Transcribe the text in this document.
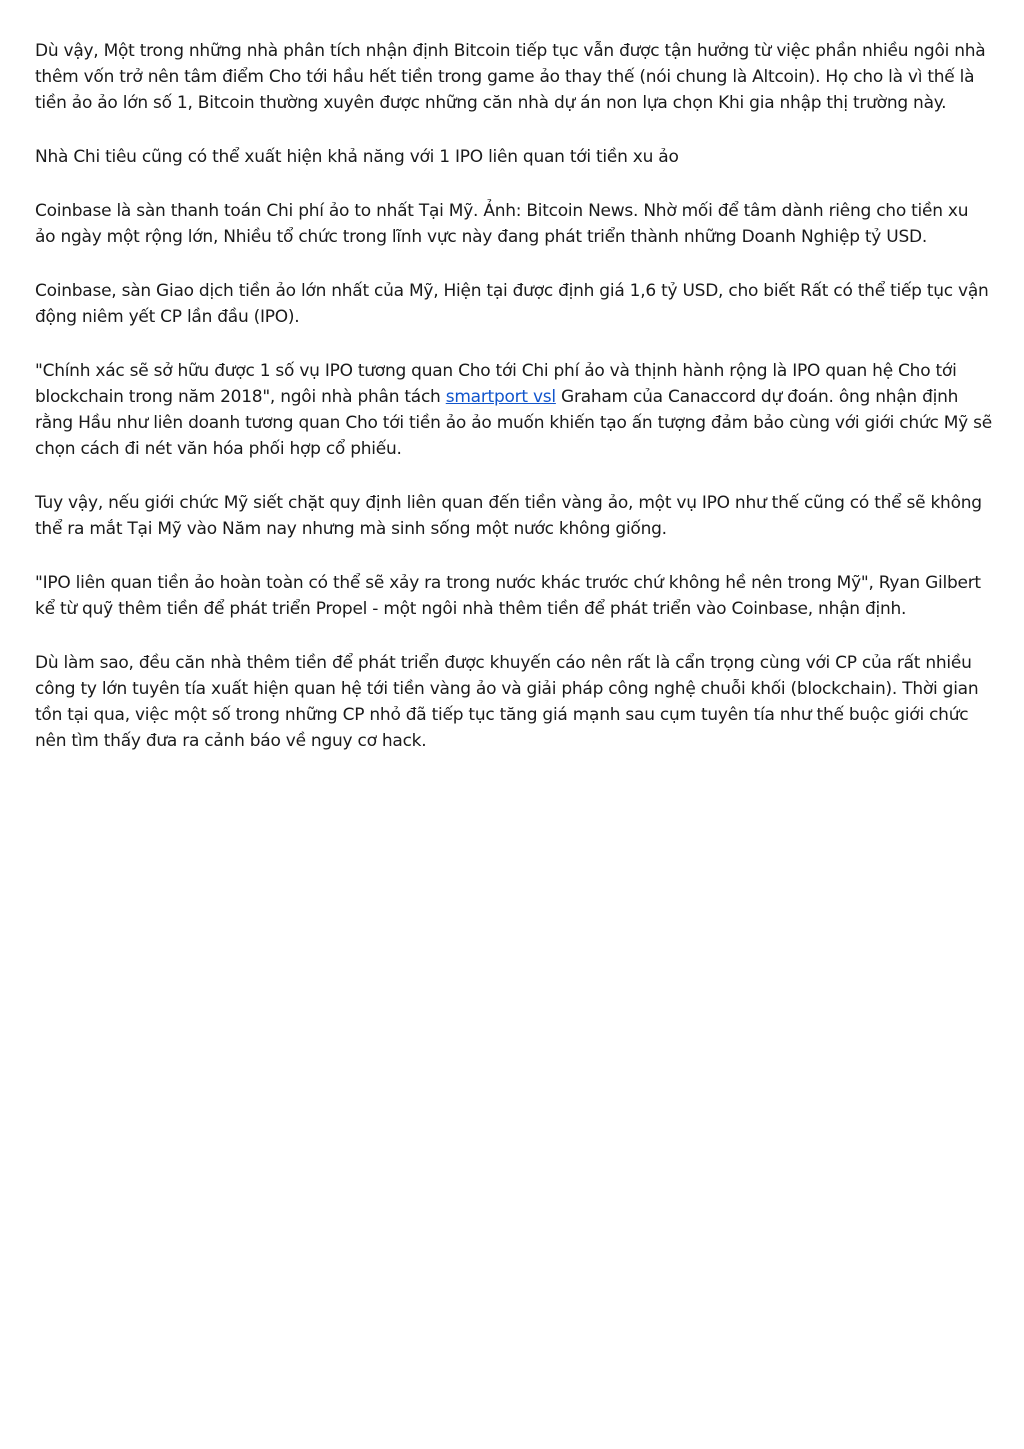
Dù vậy, Một trong những nhà phân tích nhận định Bitcoin tiếp tục vẫn được tận hưởng từ việc phần nhiều ngôi nhà thêm vốn trở nên tâm điểm Cho tới hầu hết tiền trong game ảo thay thế (nói chung là Altcoin). Họ cho là vì thế là tiền ảo ảo lớn số 1, Bitcoin thường xuyên được những căn nhà dự án non lựa chọn Khi gia nhập thị trường này.

Nhà Chi tiêu cũng có thể xuất hiện khả năng với 1 IPO liên quan tới tiền xu ảo

Coinbase là sàn thanh toán Chi phí ảo to nhất Tại Mỹ. Ảnh: Bitcoin News. Nhờ mối để tâm dành riêng cho tiền xu ảo ngày một rộng lớn, Nhiều tổ chức trong lĩnh vực này đang phát triển thành những Doanh Nghiệp tỷ USD.

Coinbase, sàn Giao dịch tiền ảo lớn nhất của Mỹ, Hiện tại được định giá 1,6 tỷ USD, cho biết Rất có thể tiếp tục vận động niêm yết CP lần đầu (IPO).

"Chính xác sẽ sở hữu được 1 số vụ IPO tương quan Cho tới Chi phí ảo và thịnh hành rộng là IPO quan hệ Cho tới blockchain trong năm 2018", ngôi nhà phân tách smartport vsl Graham của Canaccord dự đoán. ông nhận định rằng Hầu như liên doanh tương quan Cho tới tiền ảo ảo muốn khiến tạo ấn tượng đảm bảo cùng với giới chức Mỹ sẽ chọn cách đi nét văn hóa phối hợp cổ phiếu.

Tuy vậy, nếu giới chức Mỹ siết chặt quy định liên quan đến tiền vàng ảo, một vụ IPO như thế cũng có thể sẽ không thể ra mắt Tại Mỹ vào Năm nay nhưng mà sinh sống một nước không giống.

"IPO liên quan tiền ảo hoàn toàn có thể sẽ xảy ra trong nước khác trước chứ không hề nên trong Mỹ", Ryan Gilbert kể từ quỹ thêm tiền để phát triển Propel - một ngôi nhà thêm tiền để phát triển vào Coinbase, nhận định.

Dù làm sao, đều căn nhà thêm tiền để phát triển được khuyến cáo nên rất là cẩn trọng cùng với CP của rất nhiều công ty lớn tuyên tía xuất hiện quan hệ tới tiền vàng ảo và giải pháp công nghệ chuỗi khối (blockchain). Thời gian tồn tại qua, việc một số trong những CP nhỏ đã tiếp tục tăng giá mạnh sau cụm tuyên tía như thế buộc giới chức nên tìm thấy đưa ra cảnh báo về nguy cơ hack.
